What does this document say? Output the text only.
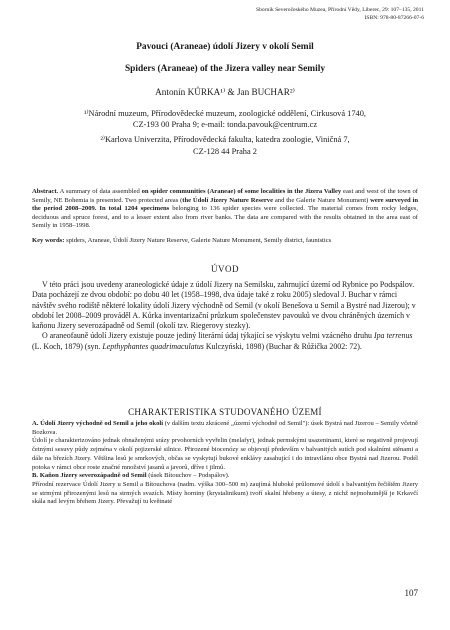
Sborník Severočeského Muzea, Přírodní Vědy, Liberec, 29: 107–135, 2011
ISBN: 978-80-87266-07-6
Pavouci (Araneae) údolí Jizery v okolí Semil
Spiders (Araneae) of the Jizera valley near Semily
Antonín KŮRKA¹⁾ & Jan BUCHAR²⁾
¹⁾Národní muzeum, Přírodovědecké muzeum, zoologické oddělení, Cirkusová 1740,
CZ-193 00 Praha 9; e-mail: tonda.pavouk@centrum.cz
²⁾Karlova Univerzita, Přírodovědecká fakulta, katedra zoologie, Viničná 7,
CZ-128 44 Praha 2
Abstract. A summary of data assembled on spider communities (Araneae) of some localities in the Jizera Valley east and west of the town of Semily, NE Bohemia is presented. Two protected areas (the Údolí Jizery Nature Reserve and the Galerie Nature Monument) were surveyed in the period 2008–2009. In total 1204 specimens belonging to 136 spider species were collected. The material comes from rocky ledges, deciduous and spruce forest, and to a lesser extent also from river banks. The data are compared with the results obtained in the area east of Semily in 1958–1998.
Key words: spiders, Araneae, Údolí Jizery Nature Reserve, Galerie Nature Monument, Semily district, faunistics
ÚVOD

V této práci jsou uvedeny araneologické údaje z údolí Jizery na Semilsku, zahrnující území od Rybnice po Podspálov. Data pocházejí ze dvou období: po dobu 40 let (1958–1998, dva údaje také z roku 2005) sledoval J. Buchar v rámci návštěv svého rodiště některé lokality údolí Jizery východně od Semil (v okolí Benešova u Semil a Bystré nad Jizerou); v období let 2008–2009 prováděl A. Kůrka inventarizační průzkum společenstev pavouků ve dvou chráněných územích v kaňonu Jizery severozápadně od Semil (okolí tzv. Riegerovy stezky).

O araneofauně údolí Jizery existuje pouze jediný literární údaj týkající se výskytu velmi vzácného druhu Ipa terrenus (L. Koch, 1879) (syn. Lepthyphantes quadrimaculatus Kulczyński, 1898) (Buchar & Růžička 2002: 72).

CHARAKTERISTIKA STUDOVANÉHO ÚZEMÍ
A. Údolí Jizery východně od Semil a jeho okolí (v dalším textu zkrácené „území východně od Semil"): úsek Bystrá nad Jizerou – Semily včetně Bozkova.
Údolí je charakterizováno jednak obnaženými srázy prvohorních vyvřelin (melafyr), jednak permskými usazeninami, které se negativně projevují četnými sesuvy půdy zejména v okolí pojizerské silnice. Přirozené biocenózy se objevují především v balvanitých sutích pod skalními stěnami a dále na březích Jizery. Většina lesů je smrkových, občas se vyskytují bukové enklávy zasahující i do intravilánu obce Bystrá nad Jizerou. Podél potoka v rámci obce roste značné množství jasanů a javorů, dříve i jilmů.
B. Kaňon Jizery severozápadně od Semil (úsek Bítouchov – Podspálov).
Přírodní rezervace Údolí Jizery u Semil a Bítouchova (nadm. výška 300–500 m) zaujímá hluboké průlomové údolí s balvanitým řečištěm Jizery se strmými přirozenými lesů na strmých svazích. Místy horniny (krystalinikum) tvoří skalní hřebeny a útesy, z nichž nejmohutnější je Krkavčí skála nad levým břehem Jizery. Převažují tu květnaté
107
